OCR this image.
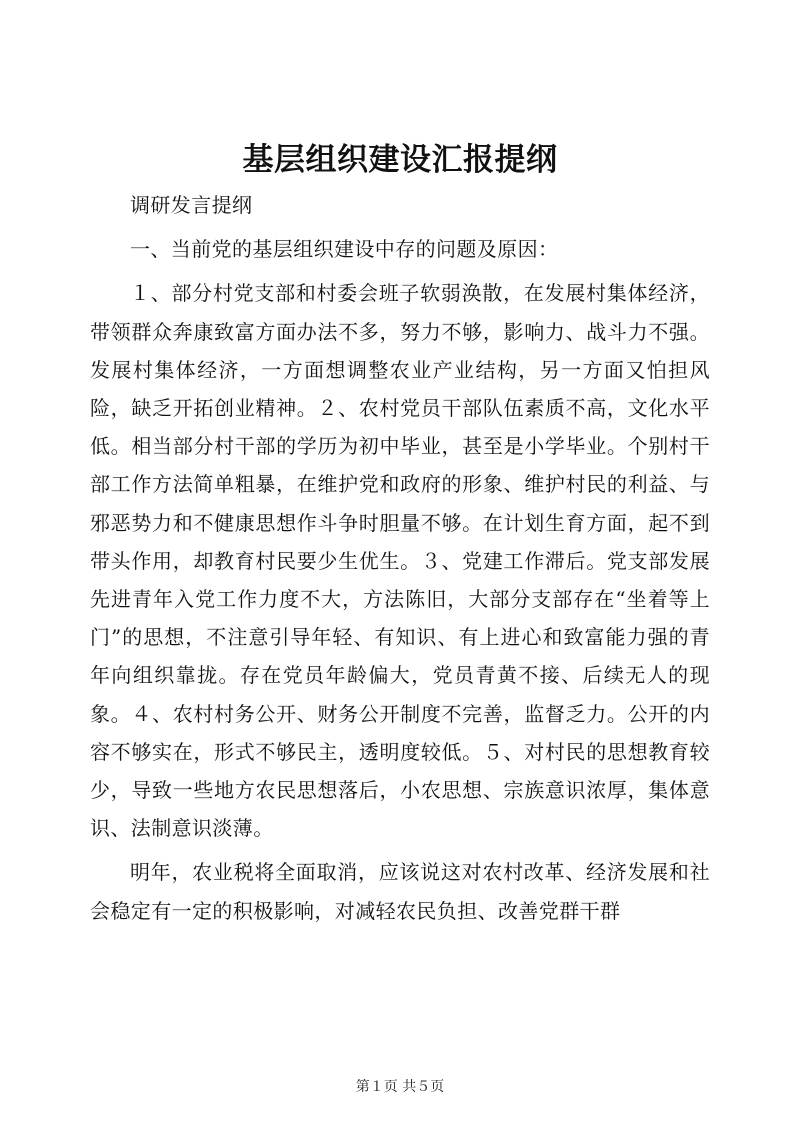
基层组织建设汇报提纲

调研发言提纲

一、当前党的基层组织建设中存的问题及原因：

１、部分村党支部和村委会班子软弱涣散，在发展村集体经济，带领群众奔康致富方面办法不多，努力不够，影响力、战斗力不强。发展村集体经济，一方面想调整农业产业结构，另一方面又怕担风险，缺乏开拓创业精神。２、农村党员干部队伍素质不高，文化水平低。相当部分村干部的学历为初中毕业，甚至是小学毕业。个别村干部工作方法简单粗暴，在维护党和政府的形象、维护村民的利益、与邪恶势力和不健康思想作斗争时胆量不够。在计划生育方面，起不到带头作用，却教育村民要少生优生。３、党建工作滞后。党支部发展先进青年入党工作力度不大，方法陈旧，大部分支部存在“坐着等上门”的思想，不注意引导年轻、有知识、有上进心和致富能力强的青年向组织靠拢。存在党员年龄偏大，党员青黄不接、后续无人的现象。４、农村村务公开、财务公开制度不完善，监督乏力。公开的内容不够实在，形式不够民主，透明度较低。５、对村民的思想教育较少，导致一些地方农民思想落后，小农思想、宗族意识浓厚，集体意识、法制意识淡薄。

明年，农业税将全面取消，应该说这对农村改革、经济发展和社会稳定有一定的积极影响，对减轻农民负担、改善党群干群

第１页 共５页
